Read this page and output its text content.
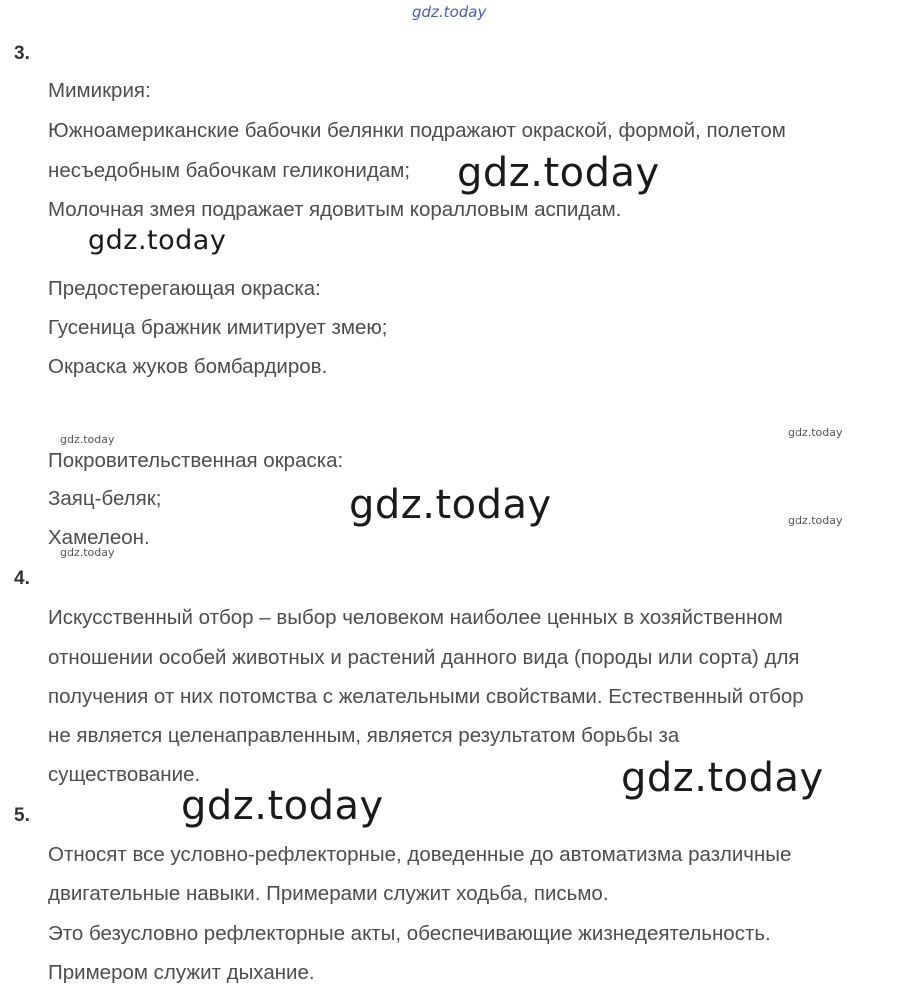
gdz.today
3.
Мимикрия:
Южноамериканские бабочки белянки подражают окраской, формой, полетом
несъедобным бабочкам геликонидам;
Молочная змея подражает ядовитым коралловым аспидам.
Предостерегающая окраска:
Гусеница бражник имитирует змею;
Окраска жуков бомбардиров.
Покровительственная окраска:
Заяц-беляк;
Хамелеон.
4.
Искусственный отбор – выбор человеком наиболее ценных в хозяйственном
отношении особей животных и растений данного вида (породы или сорта) для
получения от них потомства с желательными свойствами. Естественный отбор
не является целенаправленным, является результатом борьбы за
существование.
5.
Относят все условно-рефлекторные, доведенные до автоматизма различные
двигательные навыки. Примерами служит ходьба, письмо.
Это безусловно рефлекторные акты, обеспечивающие жизнедеятельность.
Примером служит дыхание.
gdz.today
gdz.today
gdz.today
gdz.today
gdz.today	gdz.today
gdz.today
gdz.today
gdz.today
